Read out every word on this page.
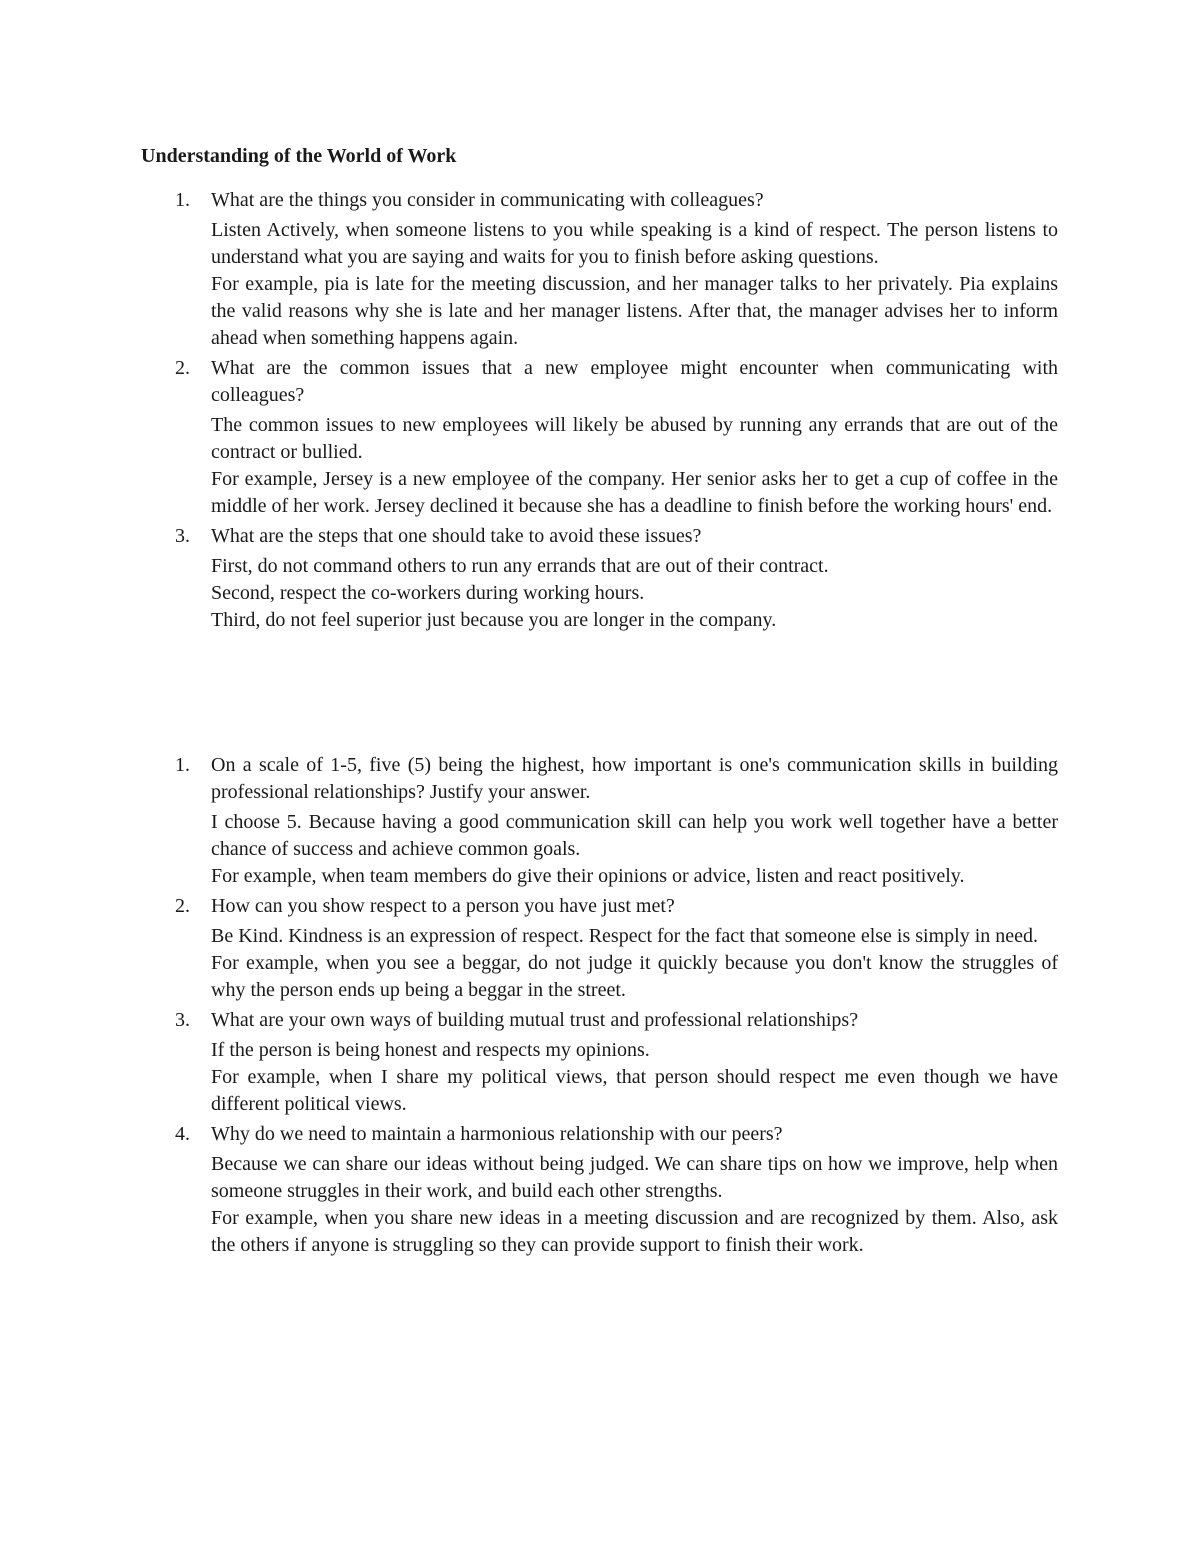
Understanding of the World of Work
1.	What are the things you consider in communicating with colleagues?
Listen Actively, when someone listens to you while speaking is a kind of respect. The person listens to understand what you are saying and waits for you to finish before asking questions.
For example, pia is late for the meeting discussion, and her manager talks to her privately. Pia explains the valid reasons why she is late and her manager listens. After that, the manager advises her to inform ahead when something happens again.
2.	What are the common issues that a new employee might encounter when communicating with colleagues?
The common issues to new employees will likely be abused by running any errands that are out of the contract or bullied.
For example, Jersey is a new employee of the company. Her senior asks her to get a cup of coffee in the middle of her work. Jersey declined it because she has a deadline to finish before the working hours' end.
3.	What are the steps that one should take to avoid these issues?
First, do not command others to run any errands that are out of their contract.
Second, respect the co-workers during working hours.
Third, do not feel superior just because you are longer in the company.
1.	On a scale of 1-5, five (5) being the highest, how important is one's communication skills in building professional relationships? Justify your answer.
I choose 5. Because having a good communication skill can help you work well together have a better chance of success and achieve common goals.
For example, when team members do give their opinions or advice, listen and react positively.
2.	How can you show respect to a person you have just met?
Be Kind. Kindness is an expression of respect. Respect for the fact that someone else is simply in need.
For example, when you see a beggar, do not judge it quickly because you don't know the struggles of why the person ends up being a beggar in the street.
3.	What are your own ways of building mutual trust and professional relationships?
If the person is being honest and respects my opinions.
For example, when I share my political views, that person should respect me even though we have different political views.
4.	Why do we need to maintain a harmonious relationship with our peers?
Because we can share our ideas without being judged. We can share tips on how we improve, help when someone struggles in their work, and build each other strengths.
For example, when you share new ideas in a meeting discussion and are recognized by them. Also, ask the others if anyone is struggling so they can provide support to finish their work.
